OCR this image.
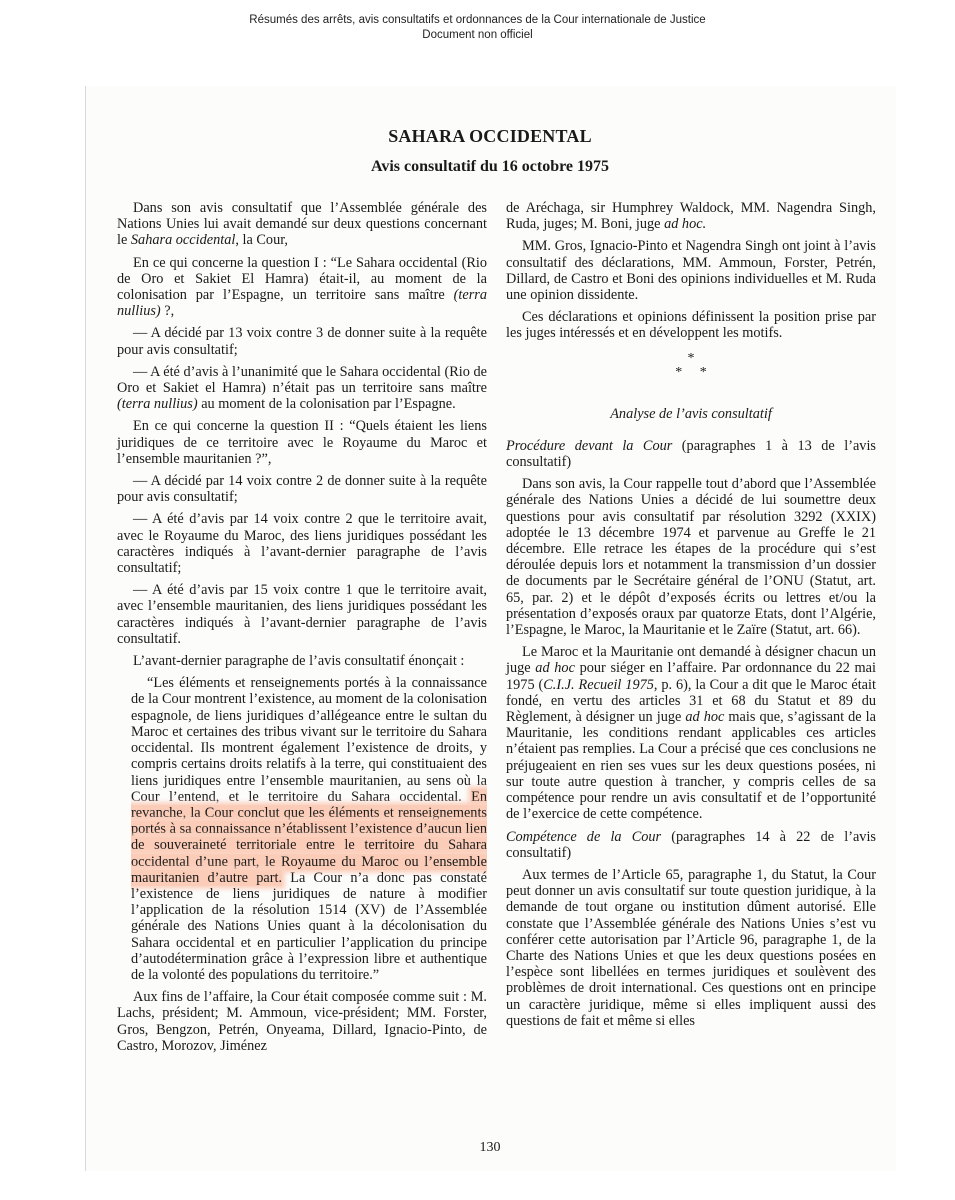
Résumés des arrêts, avis consultatifs et ordonnances de la Cour internationale de Justice
Document non officiel
SAHARA OCCIDENTAL
Avis consultatif du 16 octobre 1975

Dans son avis consultatif que l’Assemblée générale des Nations Unies lui avait demandé sur deux questions concernant le Sahara occidental, la Cour,

En ce qui concerne la question I : “Le Sahara occidental (Rio de Oro et Sakiet El Hamra) était-il, au moment de la colonisation par l’Espagne, un territoire sans maître (terra nullius) ?,

— A décidé par 13 voix contre 3 de donner suite à la requête pour avis consultatif;

— A été d’avis à l’unanimité que le Sahara occidental (Rio de Oro et Sakiet el Hamra) n’était pas un territoire sans maître (terra nullius) au moment de la colonisation par l’Espagne.

En ce qui concerne la question II : “Quels étaient les liens juridiques de ce territoire avec le Royaume du Maroc et l’ensemble mauritanien ?”,

— A décidé par 14 voix contre 2 de donner suite à la requête pour avis consultatif;

— A été d’avis par 14 voix contre 2 que le territoire avait, avec le Royaume du Maroc, des liens juridiques possédant les caractères indiqués à l’avant-dernier paragraphe de l’avis consultatif;

— A été d’avis par 15 voix contre 1 que le territoire avait, avec l’ensemble mauritanien, des liens juridiques possédant les caractères indiqués à l’avant-dernier paragraphe de l’avis consultatif.

L’avant-dernier paragraphe de l’avis consultatif énonçait :

“Les éléments et renseignements portés à la connaissance de la Cour montrent l’existence, au moment de la colonisation espagnole, de liens juridiques d’allégeance entre le sultan du Maroc et certaines des tribus vivant sur le territoire du Sahara occidental. Ils montrent également l’existence de droits, y compris certains droits relatifs à la terre, qui constituaient des liens juridiques entre l’ensemble mauritanien, au sens où la Cour l’entend, et le territoire du Sahara occidental. En revanche, la Cour conclut que les éléments et renseignements portés à sa connaissance n’établissent l’existence d’aucun lien de souveraineté territoriale entre le territoire du Sahara occidental d’une part, le Royaume du Maroc ou l’ensemble mauritanien d’autre part. La Cour n’a donc pas constaté l’existence de liens juridiques de nature à modifier l’application de la résolution 1514 (XV) de l’Assemblée générale des Nations Unies quant à la décolonisation du Sahara occidental et en particulier l’application du principe d’autodétermination grâce à l’expression libre et authentique de la volonté des populations du territoire.”

Aux fins de l’affaire, la Cour était composée comme suit : M. Lachs, président; M. Ammoun, vice-président; MM. Forster, Gros, Bengzon, Petrén, Onyeama, Dillard, Ignacio-Pinto, de Castro, Morozov, Jiménez

de Aréchaga, sir Humphrey Waldock, MM. Nagendra Singh, Ruda, juges; M. Boni, juge ad hoc.

MM. Gros, Ignacio-Pinto et Nagendra Singh ont joint à l’avis consultatif des déclarations, MM. Ammoun, Forster, Petrén, Dillard, de Castro et Boni des opinions individuelles et M. Ruda une opinion dissidente.

Ces déclarations et opinions définissent la position prise par les juges intéressés et en développent les motifs.

*
*     *
Analyse de l’avis consultatif

Procédure devant la Cour (paragraphes 1 à 13 de l’avis consultatif)

Dans son avis, la Cour rappelle tout d’abord que l’Assemblée générale des Nations Unies a décidé de lui soumettre deux questions pour avis consultatif par résolution 3292 (XXIX) adoptée le 13 décembre 1974 et parvenue au Greffe le 21 décembre. Elle retrace les étapes de la procédure qui s’est déroulée depuis lors et notamment la transmission d’un dossier de documents par le Secrétaire général de l’ONU (Statut, art. 65, par. 2) et le dépôt d’exposés écrits ou lettres et/ou la présentation d’exposés oraux par quatorze Etats, dont l’Algérie, l’Espagne, le Maroc, la Mauritanie et le Zaïre (Statut, art. 66).

Le Maroc et la Mauritanie ont demandé à désigner chacun un juge ad hoc pour siéger en l’affaire. Par ordonnance du 22 mai 1975 (C.I.J. Recueil 1975, p. 6), la Cour a dit que le Maroc était fondé, en vertu des articles 31 et 68 du Statut et 89 du Règlement, à désigner un juge ad hoc mais que, s’agissant de la Mauritanie, les conditions rendant applicables ces articles n’étaient pas remplies. La Cour a précisé que ces conclusions ne préjugeaient en rien ses vues sur les deux questions posées, ni sur toute autre question à trancher, y compris celles de sa compétence pour rendre un avis consultatif et de l’opportunité de l’exercice de cette compétence.

Compétence de la Cour (paragraphes 14 à 22 de l’avis consultatif)

Aux termes de l’Article 65, paragraphe 1, du Statut, la Cour peut donner un avis consultatif sur toute question juridique, à la demande de tout organe ou institution dûment autorisé. Elle constate que l’Assemblée générale des Nations Unies s’est vu conférer cette autorisation par l’Article 96, paragraphe 1, de la Charte des Nations Unies et que les deux questions posées en l’espèce sont libellées en termes juridiques et soulèvent des problèmes de droit international. Ces questions ont en principe un caractère juridique, même si elles impliquent aussi des questions de fait et même si elles

130
